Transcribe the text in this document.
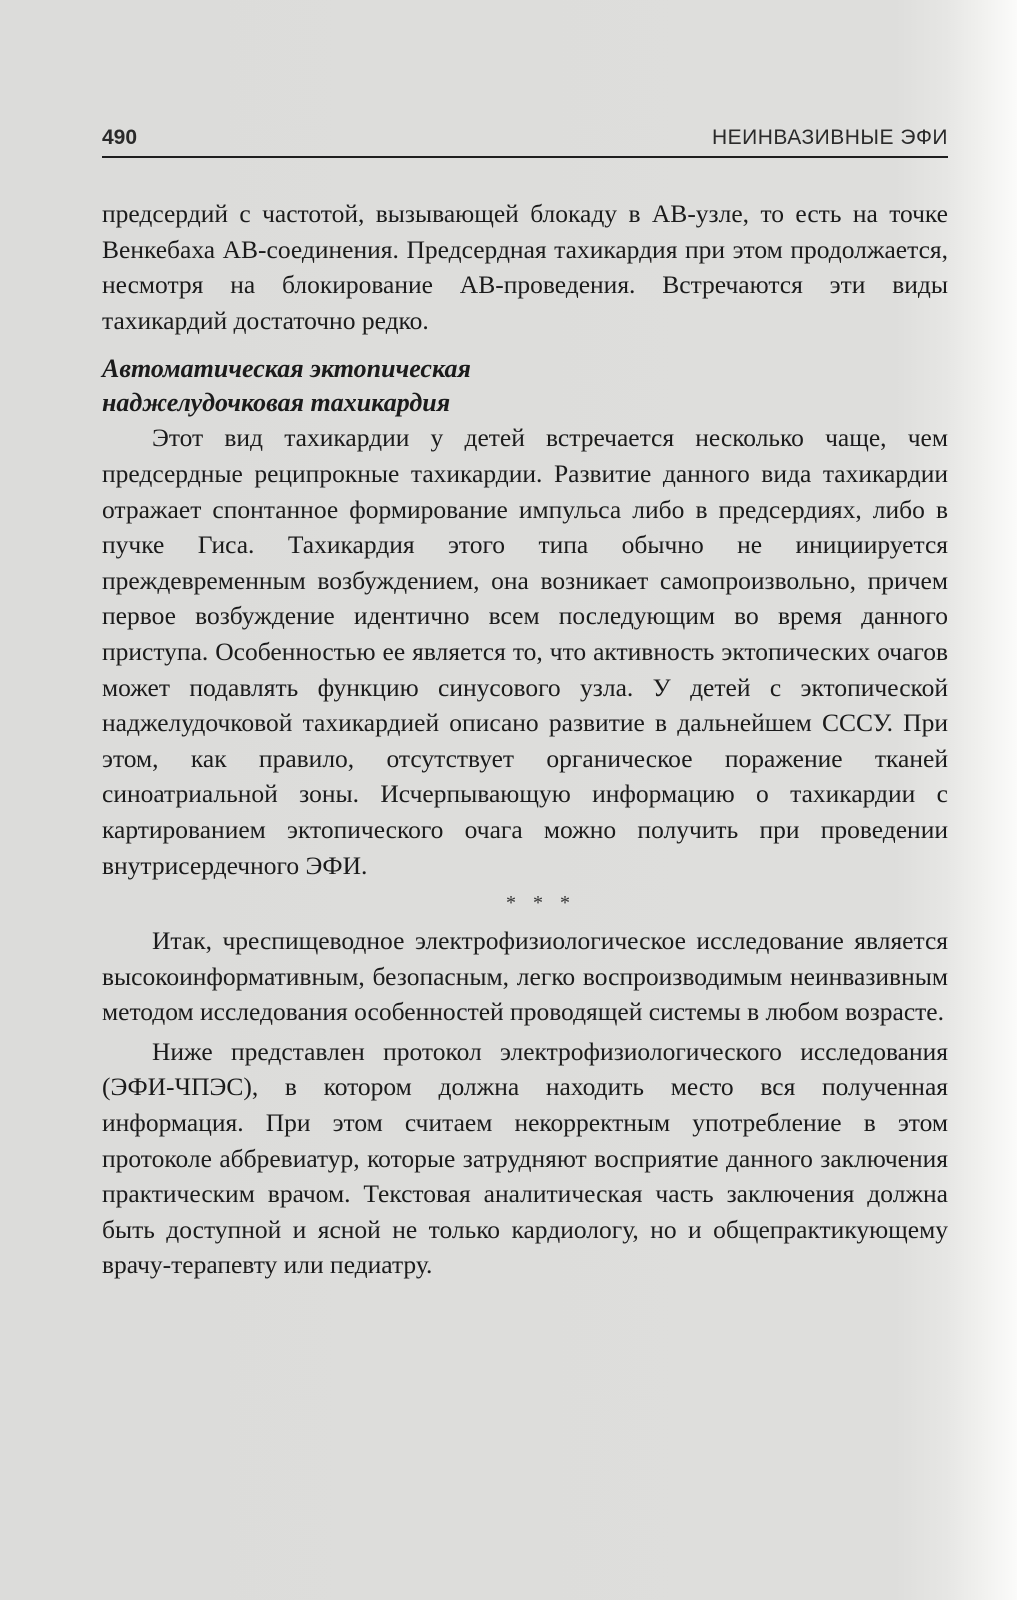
490	НЕИНВАЗИВНЫЕ ЭФИ

предсердий с частотой, вызывающей блокаду в АВ-узле, то есть на точке Венкебаха АВ-соединения. Предсердная тахикардия при этом продолжается, несмотря на блокирование АВ-проведения. Встречаются эти виды тахикардий достаточно редко.

Автоматическая эктопическая
наджелудочковая тахикардия

Этот вид тахикардии у детей встречается несколько чаще, чем предсердные реципрокные тахикардии. Развитие данного вида тахикардии отражает спонтанное формирование импульса либо в предсердиях, либо в пучке Гиса. Тахикардия этого типа обычно не инициируется преждевременным возбуждением, она возникает самопроизвольно, причем первое возбуждение идентично всем последующим во время данного приступа. Особенностью ее является то, что активность эктопических очагов может подавлять функцию синусового узла. У детей с эктопической наджелудочковой тахикардией описано развитие в дальнейшем СССУ. При этом, как правило, отсутствует органическое поражение тканей синоатриальной зоны. Исчерпывающую информацию о тахикардии с картированием эктопического очага можно получить при проведении внутрисердечного ЭФИ.

* * *

Итак, чреспищеводное электрофизиологическое исследование является высокоинформативным, безопасным, легко воспроизводимым неинвазивным методом исследования особенностей проводящей системы в любом возрасте.

Ниже представлен протокол электрофизиологического исследования (ЭФИ-ЧПЭС), в котором должна находить место вся полученная информация. При этом считаем некорректным употребление в этом протоколе аббревиатур, которые затрудняют восприятие данного заключения практическим врачом. Текстовая аналитическая часть заключения должна быть доступной и ясной не только кардиологу, но и общепрактикующему врачу-терапевту или педиатру.
